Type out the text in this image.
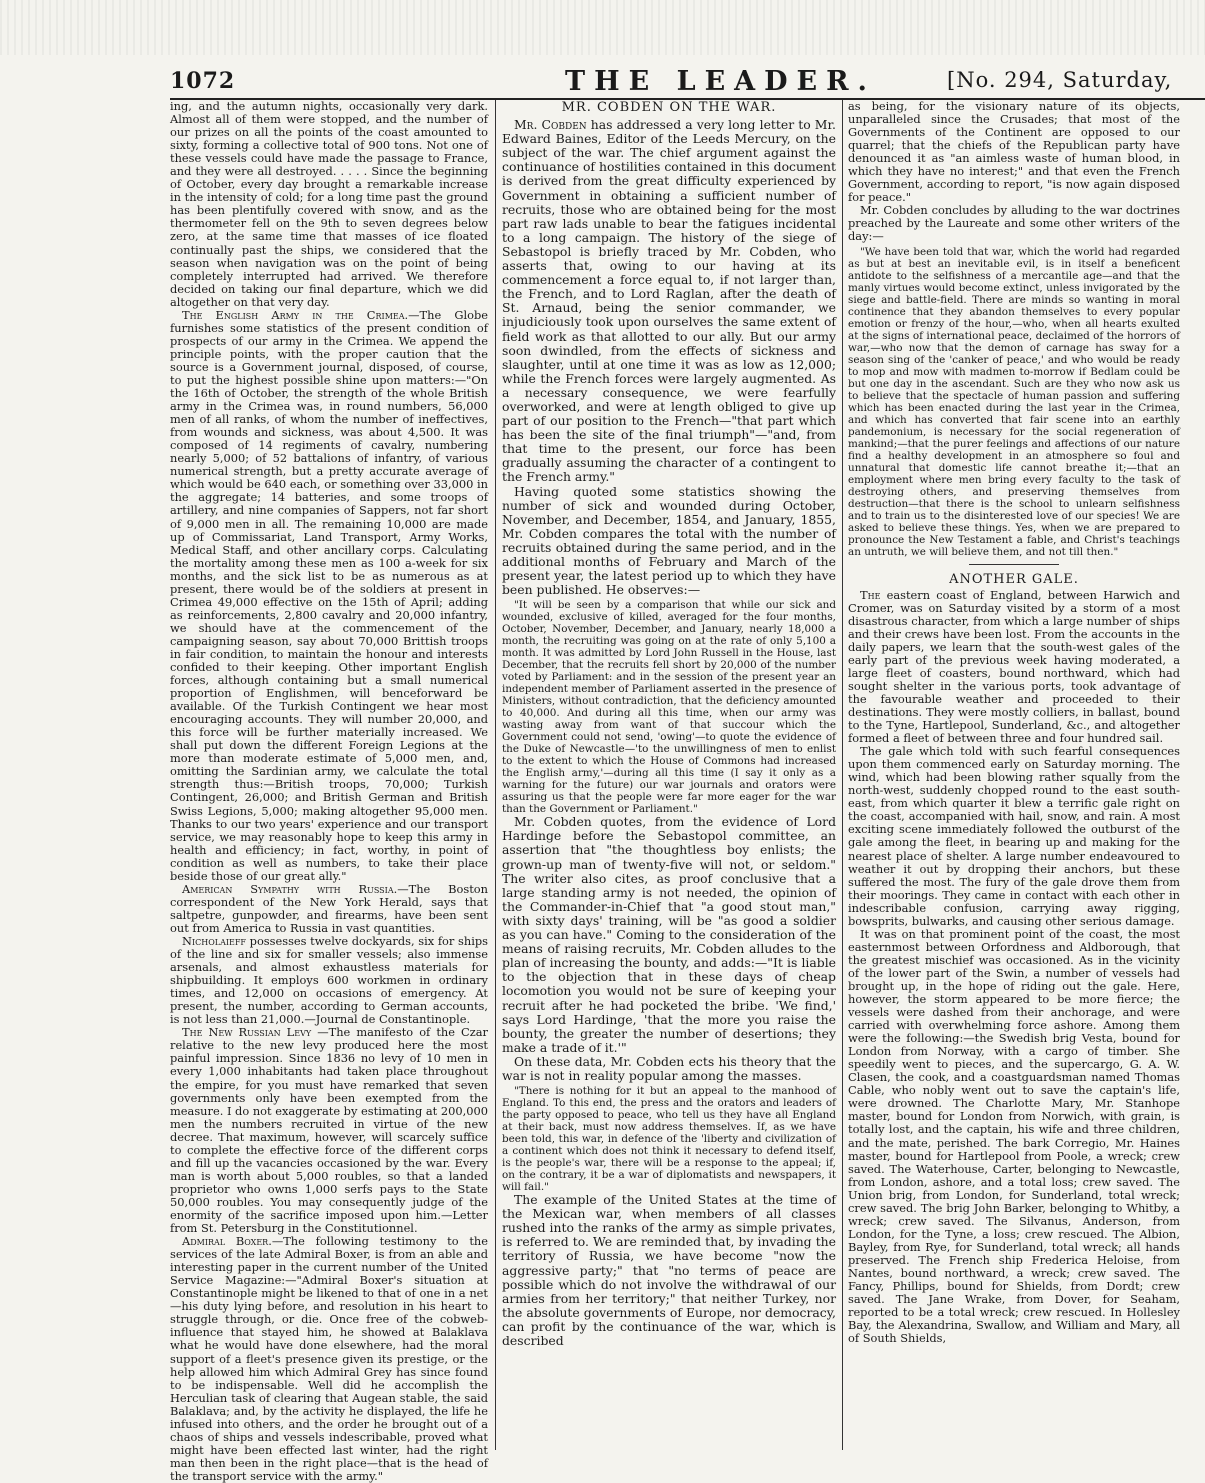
1072	THE LEADER.	[No. 294, Saturday,

ing, and the autumn nights, occasionally very dark. Almost all of them were stopped, and the number of our prizes on all the points of the coast amounted to sixty, forming a collective total of 900 tons. Not one of these vessels could have made the passage to France, and they were all destroyed. . . . . Since the beginning of October, every day brought a remarkable increase in the intensity of cold; for a long time past the ground has been plentifully covered with snow, and as the thermometer fell on the 9th to seven degrees below zero, at the same time that masses of ice floated continually past the ships, we considered that the season when navigation was on the point of being completely interrupted had arrived. We therefore decided on taking our final departure, which we did altogether on that very day.

The English Army in the Crimea.—The Globe furnishes some statistics of the present condition of prospects of our army in the Crimea. We append the principle points, with the proper caution that the source is a Government journal, disposed, of course, to put the highest possible shine upon matters:—"On the 16th of October, the strength of the whole British army in the Crimea was, in round numbers, 56,000 men of all ranks, of whom the number of ineffectives, from wounds and sickness, was about 4,500. It was composed of 14 regiments of cavalry, numbering nearly 5,000; of 52 battalions of infantry, of various numerical strength, but a pretty accurate average of which would be 640 each, or something over 33,000 in the aggregate; 14 batteries, and some troops of artillery, and nine companies of Sappers, not far short of 9,000 men in all. The remaining 10,000 are made up of Commissariat, Land Transport, Army Works, Medical Staff, and other ancillary corps. Calculating the mortality among these men as 100 a-week for six months, and the sick list to be as numerous as at present, there would be of the soldiers at present in Crimea 49,000 effective on the 15th of April; adding as reinforcements, 2,800 cavalry and 20,000 infantry, we should have at the commencement of the campaigning season, say about 70,000 Brittish troops in fair condition, to maintain the honour and interests confided to their keeping. Other important English forces, although containing but a small numerical proportion of Englishmen, will benceforward be available. Of the Turkish Contingent we hear most encouraging accounts. They will number 20,000, and this force will be further materially increased. We shall put down the different Foreign Legions at the more than moderate estimate of 5,000 men, and, omitting the Sardinian army, we calculate the total strength thus:—British troops, 70,000; Turkish Contingent, 26,000; and British German and British Swiss Legions, 5,000; making altogether 95,000 men. Thanks to our two years' experience and our transport service, we may reasonably hope to keep this army in health and efficiency; in fact, worthy, in point of condition as well as numbers, to take their place beside those of our great ally."

American Sympathy with Russia.—The Boston correspondent of the New York Herald, says that saltpetre, gunpowder, and firearms, have been sent out from America to Russia in vast quantities.

Nicholaieff possesses twelve dockyards, six for ships of the line and six for smaller vessels; also immense arsenals, and almost exhaustless materials for shipbuilding. It employs 600 workmen in ordinary times, and 12,000 on occasions of emergency. At present, the number, according to German accounts, is not less than 21,000.—Journal de Constantinople.

The New Russian Levy —The manifesto of the Czar relative to the new levy produced here the most painful impression. Since 1836 no levy of 10 men in every 1,000 inhabitants had taken place throughout the empire, for you must have remarked that seven governments only have been exempted from the measure. I do not exaggerate by estimating at 200,000 men the numbers recruited in virtue of the new decree. That maximum, however, will scarcely suffice to complete the effective force of the different corps and fill up the vacancies occasioned by the war. Every man is worth about 5,000 roubles, so that a landed proprietor who owns 1,000 serfs pays to the State 50,000 roubles. You may consequently judge of the enormity of the sacrifice imposed upon him.—Letter from St. Petersburg in the Constitutionnel.

Admiral Boxer.—The following testimony to the services of the late Admiral Boxer, is from an able and interesting paper in the current number of the United Service Magazine:—"Admiral Boxer's situation at Constantinople might be likened to that of one in a net—his duty lying before, and resolution in his heart to struggle through, or die. Once free of the cobweb-influence that stayed him, he showed at Balaklava what he would have done elsewhere, had the moral support of a fleet's presence given its prestige, or the help allowed him which Admiral Grey has since found to be indispensable. Well did he accomplish the Herculian task of clearing that Augean stable, the said Balaklava; and, by the activity he displayed, the life he infused into others, and the order he brought out of a chaos of ships and vessels indescribable, proved what might have been effected last winter, had the right man then been in the right place—that is the head of the transport service with the army."

MR. COBDEN ON THE WAR.

Mr. Cobden has addressed a very long letter to Mr. Edward Baines, Editor of the Leeds Mercury, on the subject of the war. The chief argument against the continuance of hostilities contained in this document is derived from the great difficulty experienced by Government in obtaining a sufficient number of recruits, those who are obtained being for the most part raw lads unable to bear the fatigues incidental to a long campaign. The history of the siege of Sebastopol is briefly traced by Mr. Cobden, who asserts that, owing to our having at its commencement a force equal to, if not larger than, the French, and to Lord Raglan, after the death of St. Arnaud, being the senior commander, we injudiciously took upon ourselves the same extent of field work as that allotted to our ally. But our army soon dwindled, from the effects of sickness and slaughter, until at one time it was as low as 12,000; while the French forces were largely augmented. As a necessary consequence, we were fearfully overworked, and were at length obliged to give up part of our position to the French—"that part which has been the site of the final triumph"—"and, from that time to the present, our force has been gradually assuming the character of a contingent to the French army."

Having quoted some statistics showing the number of sick and wounded during October, November, and December, 1854, and January, 1855, Mr. Cobden compares the total with the number of recruits obtained during the same period, and in the additional months of February and March of the present year, the latest period up to which they have been published. He observes:—

"It will be seen by a comparison that while our sick and wounded, exclusive of killed, averaged for the four months, October, November, December, and January, nearly 18,000 a month, the recruiting was going on at the rate of only 5,100 a month. It was admitted by Lord John Russell in the House, last December, that the recruits fell short by 20,000 of the number voted by Parliament: and in the session of the present year an independent member of Parliament asserted in the presence of Ministers, without contradiction, that the deficiency amounted to 40,000. And during all this time, when our army was wasting away from want of that succour which the Government could not send, 'owing'—to quote the evidence of the Duke of Newcastle—'to the unwillingness of men to enlist to the extent to which the House of Commons had increased the English army,'—during all this time (I say it only as a warning for the future) our war journals and orators were assuring us that the people were far more eager for the war than the Government or Parliament."

Mr. Cobden quotes, from the evidence of Lord Hardinge before the Sebastopol committee, an assertion that "the thoughtless boy enlists; the grown-up man of twenty-five will not, or seldom." The writer also cites, as proof conclusive that a large standing army is not needed, the opinion of the Commander-in-Chief that "a good stout man," with sixty days' training, will be "as good a soldier as you can have." Coming to the consideration of the means of raising recruits, Mr. Cobden alludes to the plan of increasing the bounty, and adds:—"It is liable to the objection that in these days of cheap locomotion you would not be sure of keeping your recruit after he had pocketed the bribe. 'We find,' says Lord Hardinge, 'that the more you raise the bounty, the greater the number of desertions; they make a trade of it.'"

On these data, Mr. Cobden ects his theory that the war is not in reality popular among the masses.

"There is nothing for it but an appeal to the manhood of England. To this end, the press and the orators and leaders of the party opposed to peace, who tell us they have all England at their back, must now address themselves. If, as we have been told, this war, in defence of the 'liberty and civilization of a continent which does not think it necessary to defend itself, is the people's war, there will be a response to the appeal; if, on the contrary, it be a war of diplomatists and newspapers, it will fail."

The example of the United States at the time of the Mexican war, when members of all classes rushed into the ranks of the army as simple privates, is referred to. We are reminded that, by invading the territory of Russia, we have become "now the aggressive party;" that "no terms of peace are possible which do not involve the withdrawal of our armies from her territory;" that neither Turkey, nor the absolute governments of Europe, nor democracy, can profit by the continuance of the war, which is described

as being, for the visionary nature of its objects, unparalleled since the Crusades; that most of the Governments of the Continent are opposed to our quarrel; that the chiefs of the Republican party have denounced it as "an aimless waste of human blood, in which they have no interest;" and that even the French Government, according to report, "is now again disposed for peace."

Mr. Cobden concludes by alluding to the war doctrines preached by the Laureate and some other writers of the day:—

"We have been told that war, which the world had regarded as but at best an inevitable evil, is in itself a beneficent antidote to the selfishness of a mercantile age—and that the manly virtues would become extinct, unless invigorated by the siege and battle-field. There are minds so wanting in moral continence that they abandon themselves to every popular emotion or frenzy of the hour,—who, when all hearts exulted at the signs of international peace, declaimed of the horrors of war,—who now that the demon of carnage has sway for a season sing of the 'canker of peace,' and who would be ready to mop and mow with madmen to-morrow if Bedlam could be but one day in the ascendant. Such are they who now ask us to believe that the spectacle of human passion and suffering which has been enacted during the last year in the Crimea, and which has converted that fair scene into an earthly pandemonium, is necessary for the social regeneration of mankind;—that the purer feelings and affections of our nature find a healthy development in an atmosphere so foul and unnatural that domestic life cannot breathe it;—that an employment where men bring every faculty to the task of destroying others, and preserving themselves from destruction—that there is the school to unlearn selfishness and to train us to the disinterested love of our species! We are asked to believe these things. Yes, when we are prepared to pronounce the New Testament a fable, and Christ's teachings an untruth, we will believe them, and not till then."

ANOTHER GALE.

The eastern coast of England, between Harwich and Cromer, was on Saturday visited by a storm of a most disastrous character, from which a large number of ships and their crews have been lost. From the accounts in the daily papers, we learn that the south-west gales of the early part of the previous week having moderated, a large fleet of coasters, bound northward, which had sought shelter in the various ports, took advantage of the favourable weather and proceeded to their destinations. They were mostly colliers, in ballast, bound to the Tyne, Hartlepool, Sunderland, &c., and altogether formed a fleet of between three and four hundred sail.

The gale which told with such fearful consequences upon them commenced early on Saturday morning. The wind, which had been blowing rather squally from the north-west, suddenly chopped round to the east south-east, from which quarter it blew a terrific gale right on the coast, accompanied with hail, snow, and rain. A most exciting scene immediately followed the outburst of the gale among the fleet, in bearing up and making for the nearest place of shelter. A large number endeavoured to weather it out by dropping their anchors, but these suffered the most. The fury of the gale drove them from their moorings. They came in contact with each other in indescribable confusion, carrying away rigging, bowsprits, bulwarks, and causing other serious damage.

It was on that prominent point of the coast, the most easternmost between Orfordness and Aldborough, that the greatest mischief was occasioned. As in the vicinity of the lower part of the Swin, a number of vessels had brought up, in the hope of riding out the gale. Here, however, the storm appeared to be more fierce; the vessels were dashed from their anchorage, and were carried with overwhelming force ashore. Among them were the following:—the Swedish brig Vesta, bound for London from Norway, with a cargo of timber. She speedily went to pieces, and the supercargo, G. A. W. Clasen, the cook, and a coastguardsman named Thomas Cable, who nobly went out to save the captain's life, were drowned. The Charlotte Mary, Mr. Stanhope master, bound for London from Norwich, with grain, is totally lost, and the captain, his wife and three children, and the mate, perished. The bark Corregio, Mr. Haines master, bound for Hartlepool from Poole, a wreck; crew saved. The Waterhouse, Carter, belonging to Newcastle, from London, ashore, and a total loss; crew saved. The Union brig, from London, for Sunderland, total wreck; crew saved. The brig John Barker, belonging to Whitby, a wreck; crew saved. The Silvanus, Anderson, from London, for the Tyne, a loss; crew rescued. The Albion, Bayley, from Rye, for Sunderland, total wreck; all hands preserved. The French ship Frederica Heloise, from Nantes, bound northward, a wreck; crew saved. The Fancy, Phillips, bound for Shields, from Dordt; crew saved. The Jane Wrake, from Dover, for Seaham, reported to be a total wreck; crew rescued. In Hollesley Bay, the Alexandrina, Swallow, and William and Mary, all of South Shields,
